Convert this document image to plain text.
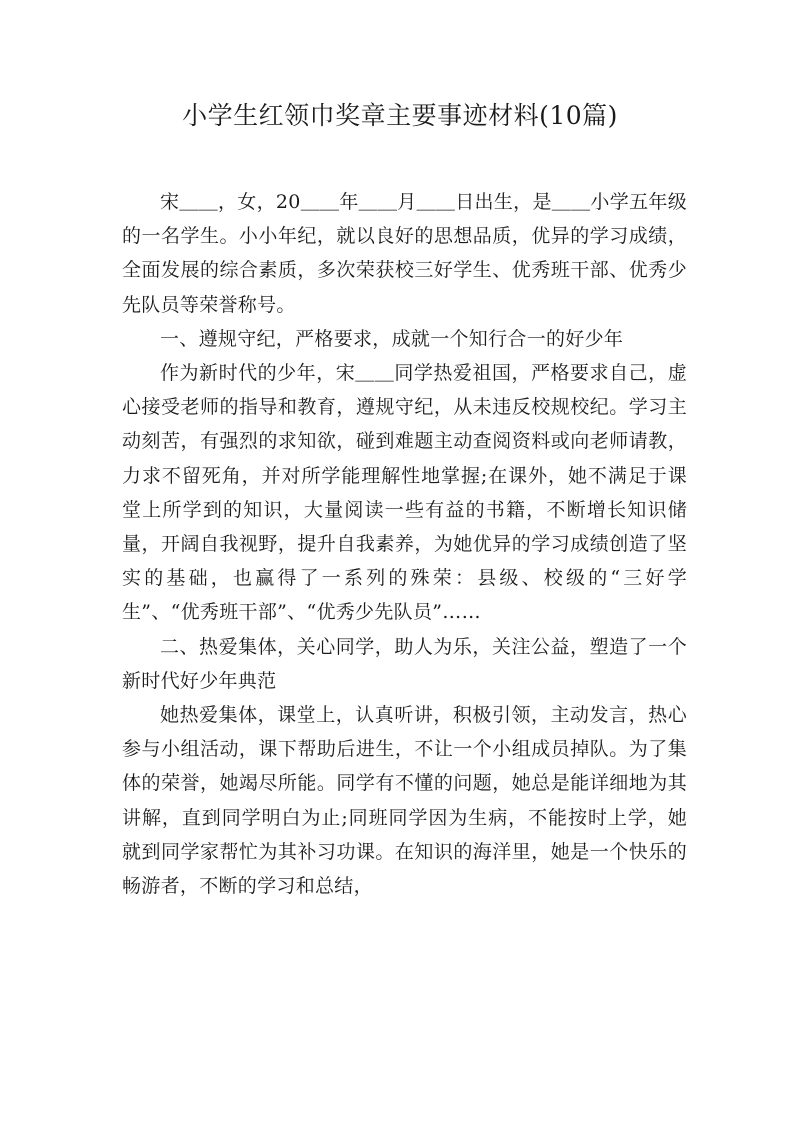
小学生红领巾奖章主要事迹材料(10篇)

宋＿＿，女，20＿＿年＿＿月＿＿日出生，是＿＿小学五年级的一名学生。小小年纪，就以良好的思想品质，优异的学习成绩，全面发展的综合素质，多次荣获校三好学生、优秀班干部、优秀少先队员等荣誉称号。

一、遵规守纪，严格要求，成就一个知行合一的好少年

作为新时代的少年，宋＿＿同学热爱祖国，严格要求自己，虚心接受老师的指导和教育，遵规守纪，从未违反校规校纪。学习主动刻苦，有强烈的求知欲，碰到难题主动查阅资料或向老师请教，力求不留死角，并对所学能理解性地掌握;在课外，她不满足于课堂上所学到的知识，大量阅读一些有益的书籍，不断增长知识储量，开阔自我视野，提升自我素养，为她优异的学习成绩创造了坚实的基础，也赢得了一系列的殊荣：县级、校级的“三好学生”、“优秀班干部”、“优秀少先队员”……

二、热爱集体，关心同学，助人为乐，关注公益，塑造了一个新时代好少年典范

她热爱集体，课堂上，认真听讲，积极引领，主动发言，热心参与小组活动，课下帮助后进生，不让一个小组成员掉队。为了集体的荣誉，她竭尽所能。同学有不懂的问题，她总是能详细地为其讲解，直到同学明白为止;同班同学因为生病，不能按时上学，她就到同学家帮忙为其补习功课。在知识的海洋里，她是一个快乐的畅游者，不断的学习和总结，
